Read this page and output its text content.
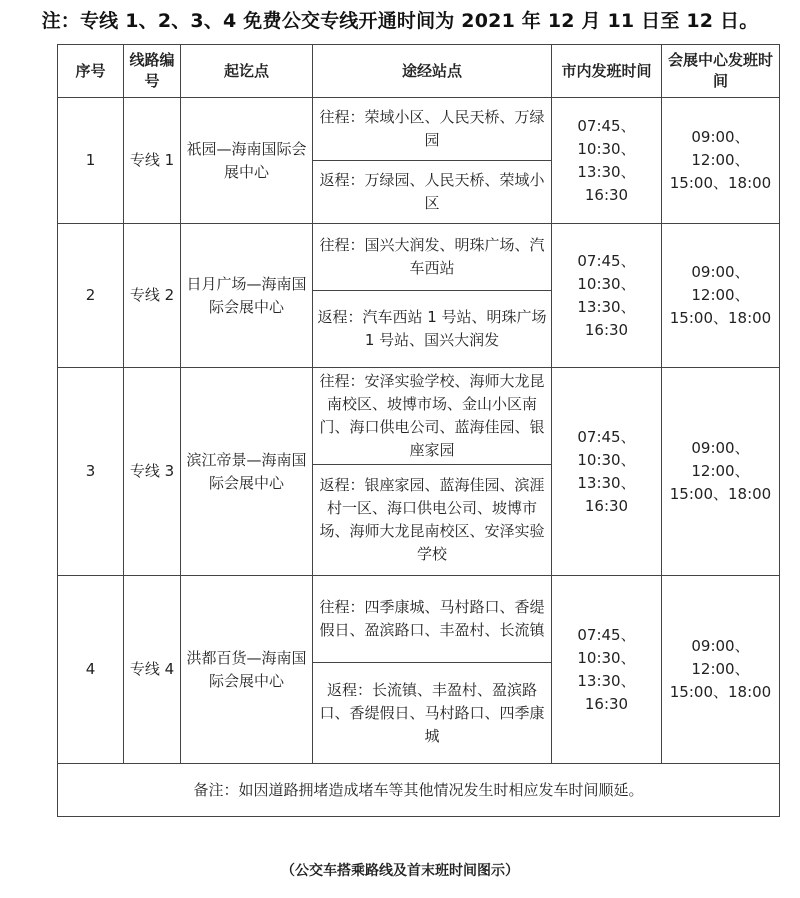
注：专线 1、2、3、4 免费公交专线开通时间为 2021 年 12 月 11 日至 12 日。
序号	线路编号	起讫点	途经站点	市内发班时间	会展中心发班时间
1	专线 1	祇园—海南国际会展中心	往程：荣域小区、人民天桥、万绿园	07:45、10:30、13:30、16:30	09:00、12:00、15:00、18:00
			返程：万绿园、人民天桥、荣域小区		
2	专线 2	日月广场—海南国际会展中心	往程：国兴大润发、明珠广场、汽车西站	07:45、10:30、13:30、16:30	09:00、12:00、15:00、18:00
			返程：汽车西站 1 号站、明珠广场 1 号站、国兴大润发		
3	专线 3	滨江帝景—海南国际会展中心	往程：安泽实验学校、海师大龙昆南校区、坡博市场、金山小区南门、海口供电公司、蓝海佳园、银座家园	07:45、10:30、13:30、16:30	09:00、12:00、15:00、18:00
			返程：银座家园、蓝海佳园、滨涯村一区、海口供电公司、坡博市场、海师大龙昆南校区、安泽实验学校		
4	专线 4	洪都百货—海南国际会展中心	往程：四季康城、马村路口、香缇假日、盈滨路口、丰盈村、长流镇	07:45、10:30、13:30、16:30	09:00、12:00、15:00、18:00
			返程：长流镇、丰盈村、盈滨路口、香缇假日、马村路口、四季康城		
备注：如因道路拥堵造成堵车等其他情况发生时相应发车时间顺延。					
（公交车搭乘路线及首末班时间图示）
